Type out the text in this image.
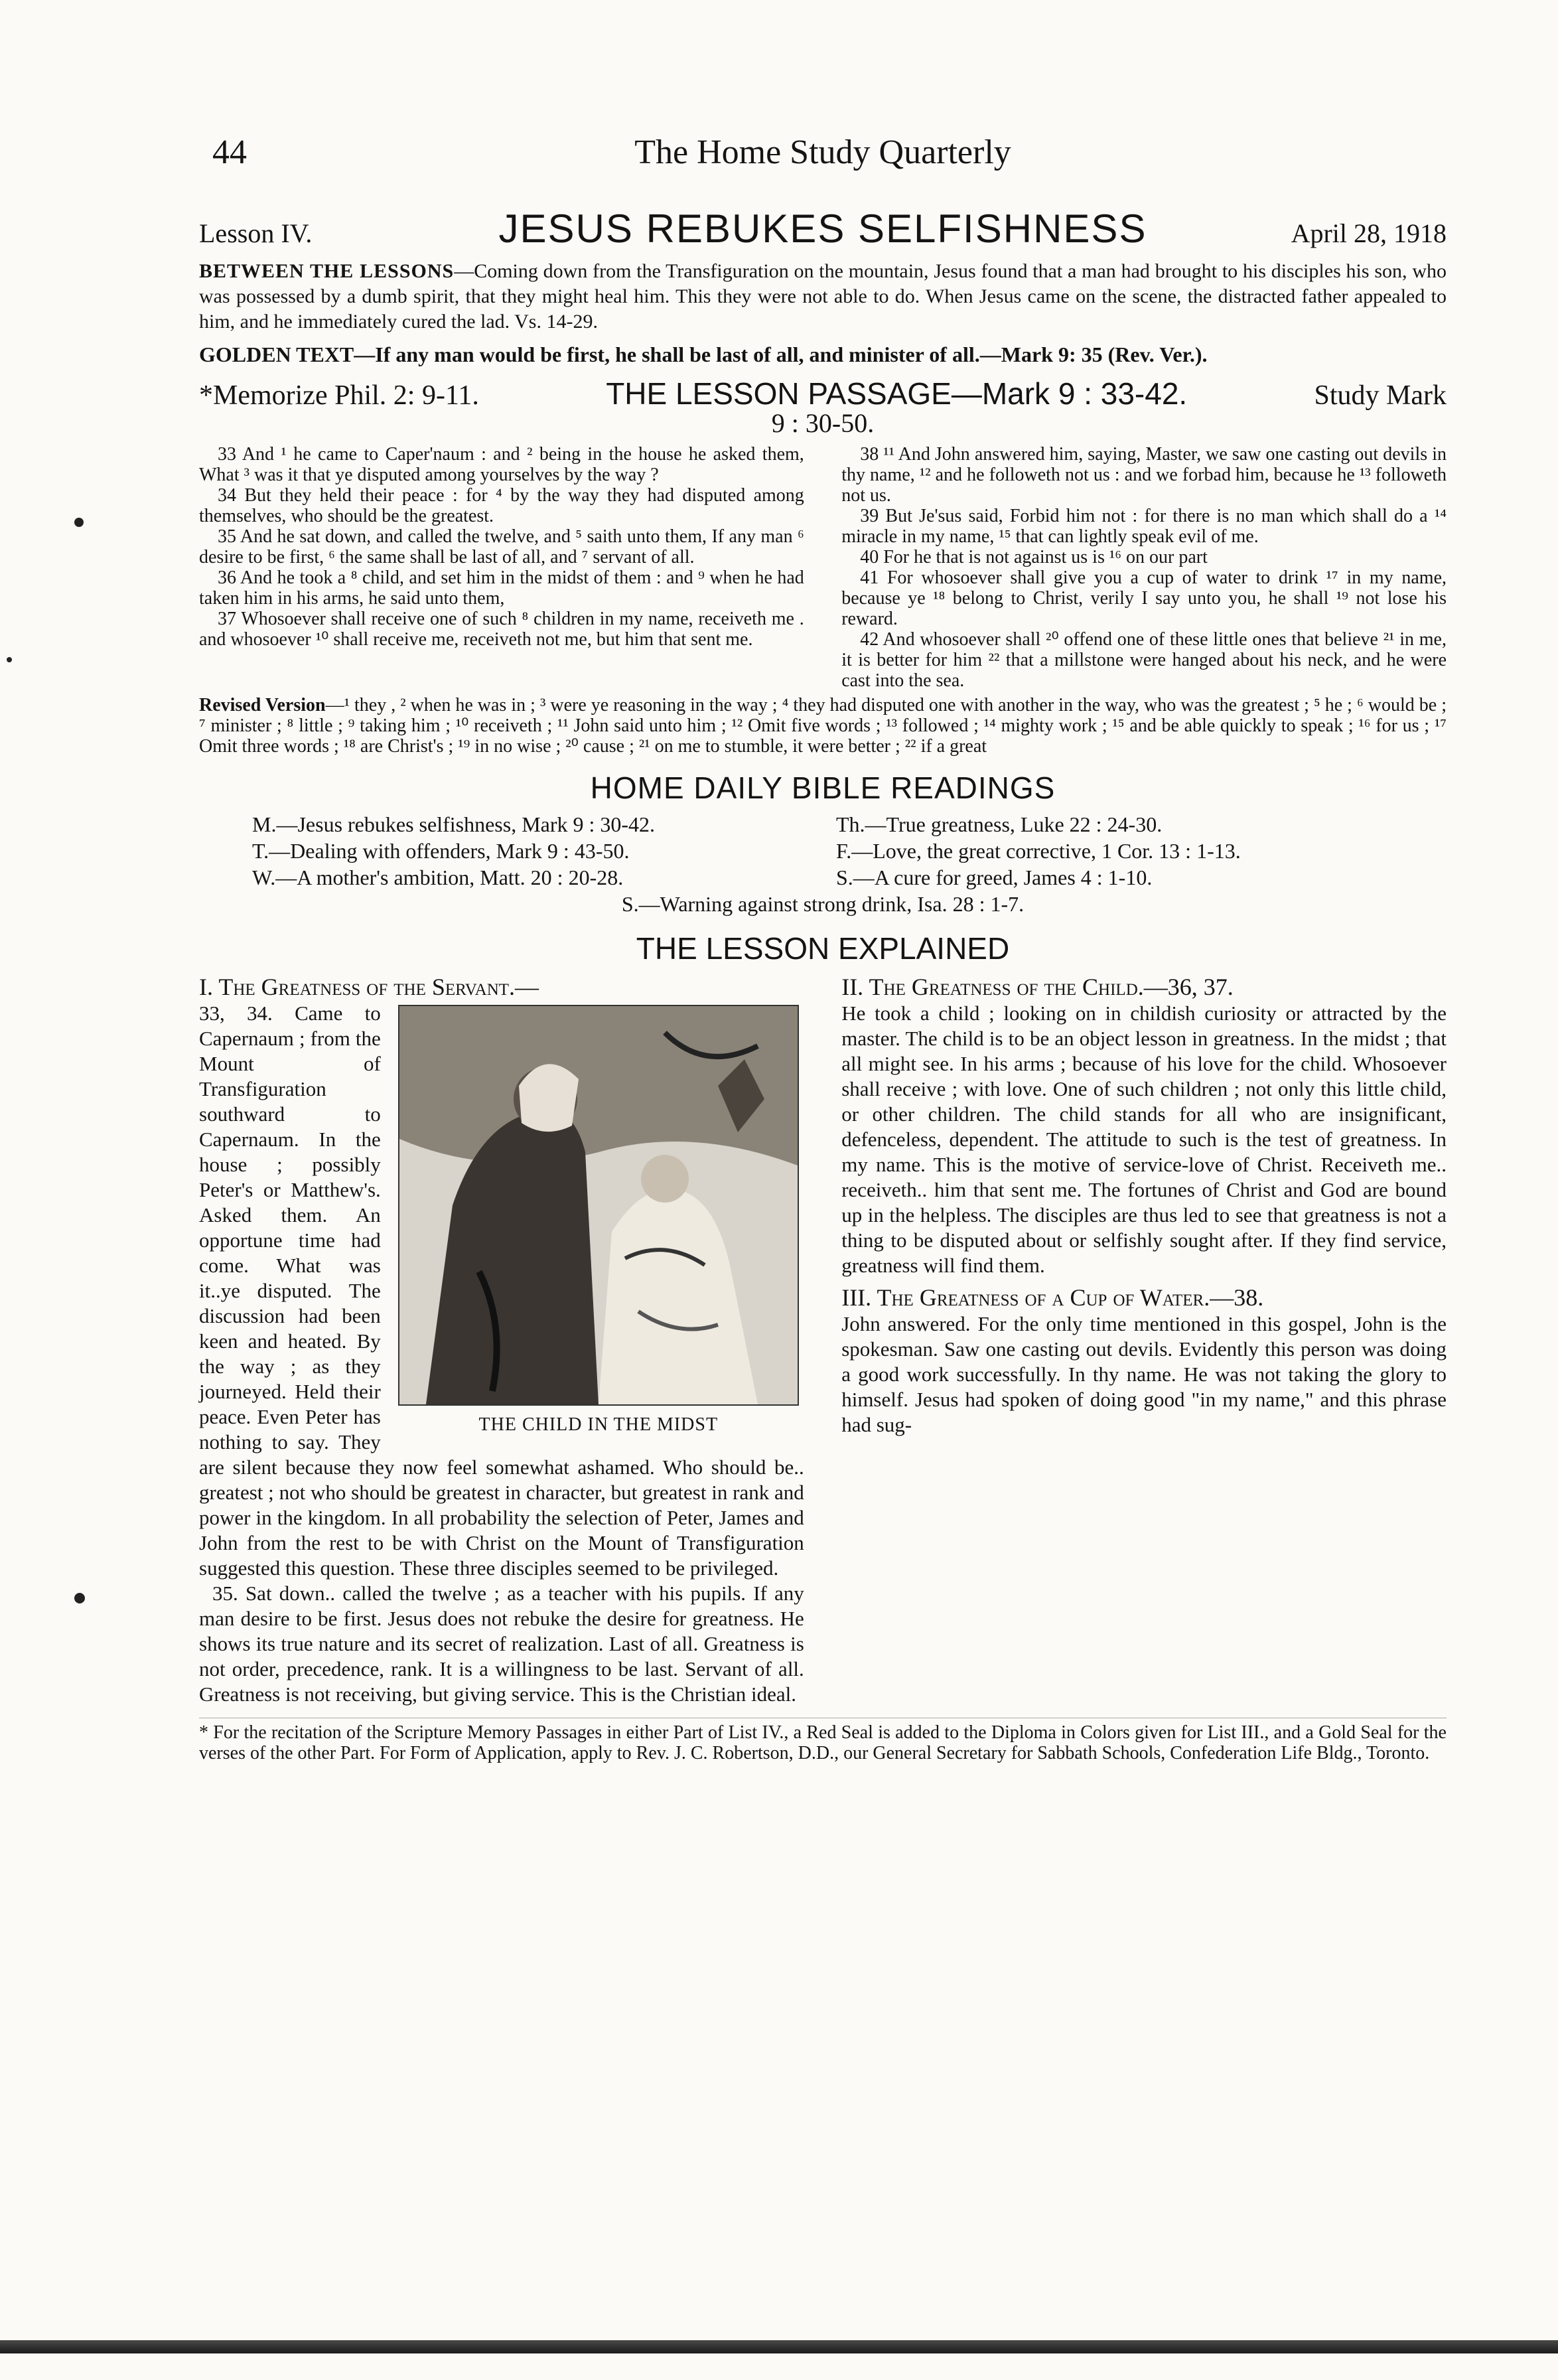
44	The Home Study Quarterly
Lesson IV.	JESUS REBUKES SELFISHNESS	April 28, 1918

BETWEEN THE LESSONS—Coming down from the Transfiguration on the mountain, Jesus found that a man had brought to his disciples his son, who was possessed by a dumb spirit, that they might heal him. This they were not able to do. When Jesus came on the scene, the distracted father appealed to him, and he immediately cured the lad. Vs. 14-29.

GOLDEN TEXT—If any man would be first, he shall be last of all, and minister of all.—Mark 9: 35 (Rev. Ver.).

*Memorize Phil. 2: 9-11.	THE LESSON PASSAGE—Mark 9 : 33-42.	Study Mark
9 : 30-50.

33 And ¹ he came to Caper'naum : and ² being in the house he asked them, What ³ was it that ye disputed among yourselves by the way ?

34 But they held their peace : for ⁴ by the way they had disputed among themselves, who should be the greatest.

35 And he sat down, and called the twelve, and ⁵ saith unto them, If any man ⁶ desire to be first, ⁶ the same shall be last of all, and ⁷ servant of all.

36 And he took a ⁸ child, and set him in the midst of them : and ⁹ when he had taken him in his arms, he said unto them,

37 Whosoever shall receive one of such ⁸ children in my name, receiveth me . and whosoever ¹⁰ shall receive me, receiveth not me, but him that sent me.

38 ¹¹ And John answered him, saying, Master, we saw one casting out devils in thy name, ¹² and he followeth not us : and we forbad him, because he ¹³ followeth not us.

39 But Je'sus said, Forbid him not : for there is no man which shall do a ¹⁴ miracle in my name, ¹⁵ that can lightly speak evil of me.

40 For he that is not against us is ¹⁶ on our part

41 For whosoever shall give you a cup of water to drink ¹⁷ in my name, because ye ¹⁸ belong to Christ, verily I say unto you, he shall ¹⁹ not lose his reward.

42 And whosoever shall ²⁰ offend one of these little ones that believe ²¹ in me, it is better for him ²² that a millstone were hanged about his neck, and he were cast into the sea.

Revised Version—¹ they , ² when he was in ; ³ were ye reasoning in the way ; ⁴ they had disputed one with another in the way, who was the greatest ; ⁵ he ; ⁶ would be ; ⁷ minister ; ⁸ little ; ⁹ taking him ; ¹⁰ receiveth ; ¹¹ John said unto him ; ¹² Omit five words ; ¹³ followed ; ¹⁴ mighty work ; ¹⁵ and be able quickly to speak ; ¹⁶ for us ; ¹⁷ Omit three words ; ¹⁸ are Christ's ; ¹⁹ in no wise ; ²⁰ cause ; ²¹ on me to stumble, it were better ; ²² if a great

HOME DAILY BIBLE READINGS
M.—Jesus rebukes selfishness, Mark 9 : 30-42.	Th.—True greatness, Luke 22 : 24-30.
T.—Dealing with offenders, Mark 9 : 43-50.	F.—Love, the great corrective, 1 Cor. 13 : 1-13.
W.—A mother's ambition, Matt. 20 : 20-28.	S.—A cure for greed, James 4 : 1-10.
S.—Warning against strong drink, Isa. 28 : 1-7.
THE LESSON EXPLAINED

I. The Greatness of the Servant.—

THE CHILD IN THE MIDST

33, 34. Came to Capernaum ; from the Mount of Transfiguration southward to Capernaum. In the house ; possibly Peter's or Matthew's. Asked them. An opportune time had come. What was it..ye disputed. The discussion had been keen and heated. By the way ; as they journeyed. Held their peace. Even Peter has nothing to say. They are silent because they now feel somewhat ashamed. Who should be.. greatest ; not who should be greatest in character, but greatest in rank and power in the kingdom. In all probability the selection of Peter, James and John from the rest to be with Christ on the Mount of Transfiguration suggested this question. These three disciples seemed to be privileged.

35. Sat down.. called the twelve ; as a teacher with his pupils. If any man desire to be first. Jesus does not rebuke the desire for greatness. He shows its true nature and its secret of realization. Last of all. Greatness is not order, precedence, rank. It is a willingness to be last. Servant of all. Greatness is not receiving, but giving service. This is the Christian ideal.

II. The Greatness of the Child.—36, 37.

He took a child ; looking on in childish curiosity or attracted by the master. The child is to be an object lesson in greatness. In the midst ; that all might see. In his arms ; because of his love for the child. Whosoever shall receive ; with love. One of such children ; not only this little child, or other children. The child stands for all who are insignificant, defenceless, dependent. The attitude to such is the test of greatness. In my name. This is the motive of service-love of Christ. Receiveth me.. receiveth.. him that sent me. The fortunes of Christ and God are bound up in the helpless. The disciples are thus led to see that greatness is not a thing to be disputed about or selfishly sought after. If they find service, greatness will find them.

III. The Greatness of a Cup of Water.—38.

John answered. For the only time mentioned in this gospel, John is the spokesman. Saw one casting out devils. Evidently this person was doing a good work successfully. In thy name. He was not taking the glory to himself. Jesus had spoken of doing good "in my name," and this phrase had sug-

* For the recitation of the Scripture Memory Passages in either Part of List IV., a Red Seal is added to the Diploma in Colors given for List III., and a Gold Seal for the verses of the other Part. For Form of Application, apply to Rev. J. C. Robertson, D.D., our General Secretary for Sabbath Schools, Confederation Life Bldg., Toronto.
